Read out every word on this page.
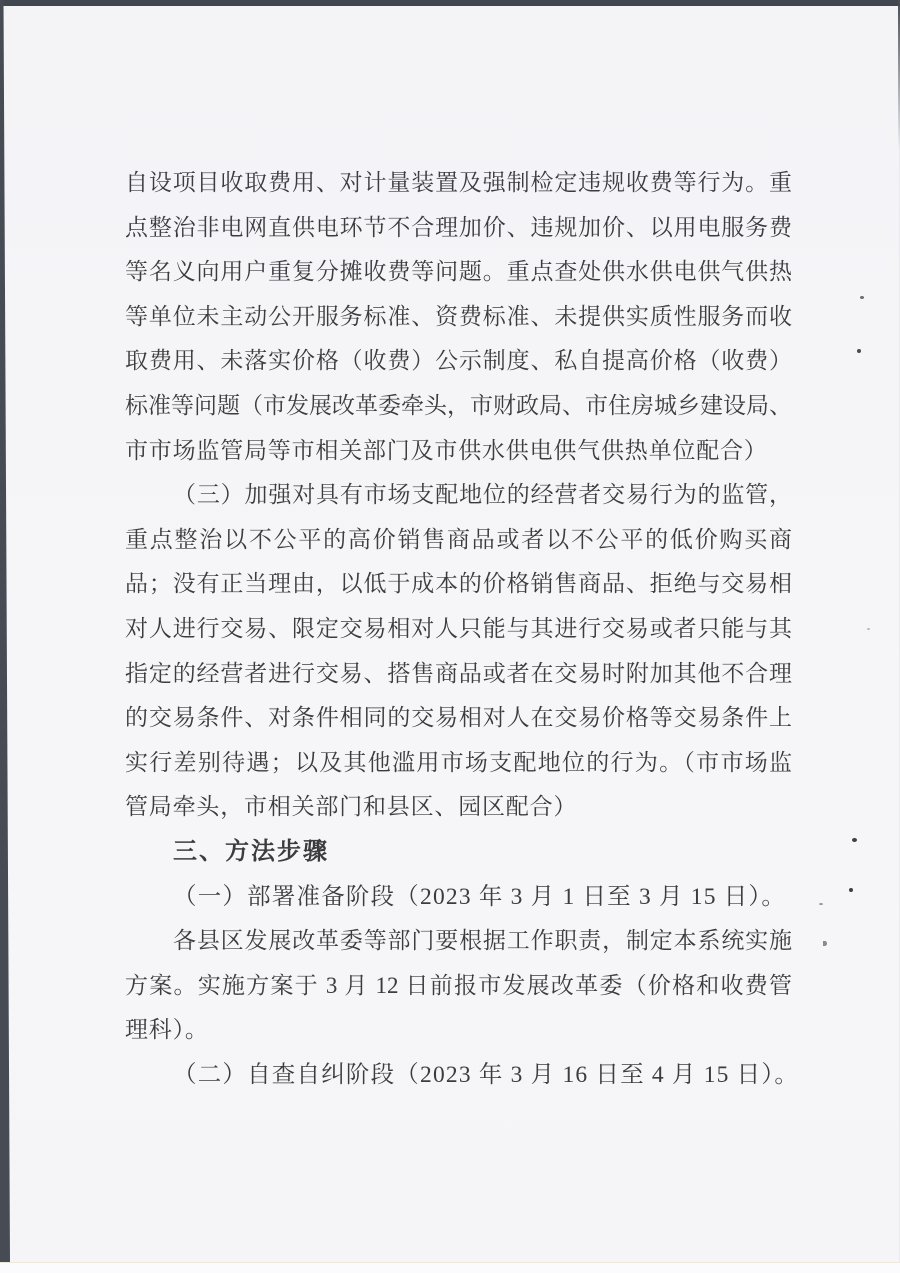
自设项目收取费用、对计量装置及强制检定违规收费等行为。重
点整治非电网直供电环节不合理加价、违规加价、以用电服务费
等名义向用户重复分摊收费等问题。重点查处供水供电供气供热
等单位未主动公开服务标准、资费标准、未提供实质性服务而收
取费用、未落实价格（收费）公示制度、私自提高价格（收费）
标准等问题（市发展改革委牵头，市财政局、市住房城乡建设局、
市市场监管局等市相关部门及市供水供电供气供热单位配合）
（三）加强对具有市场支配地位的经营者交易行为的监管，
重点整治以不公平的高价销售商品或者以不公平的低价购买商
品；没有正当理由，以低于成本的价格销售商品、拒绝与交易相
对人进行交易、限定交易相对人只能与其进行交易或者只能与其
指定的经营者进行交易、搭售商品或者在交易时附加其他不合理
的交易条件、对条件相同的交易相对人在交易价格等交易条件上
实行差别待遇；以及其他滥用市场支配地位的行为。（市市场监
管局牵头，市相关部门和县区、园区配合）
三、方法步骤
（一）部署准备阶段（2023 年 3 月 1 日至 3 月 15 日）。
各县区发展改革委等部门要根据工作职责，制定本系统实施
方案。实施方案于 3 月 12 日前报市发展改革委（价格和收费管
理科）。
（二）自查自纠阶段（2023 年 3 月 16 日至 4 月 15 日）。
